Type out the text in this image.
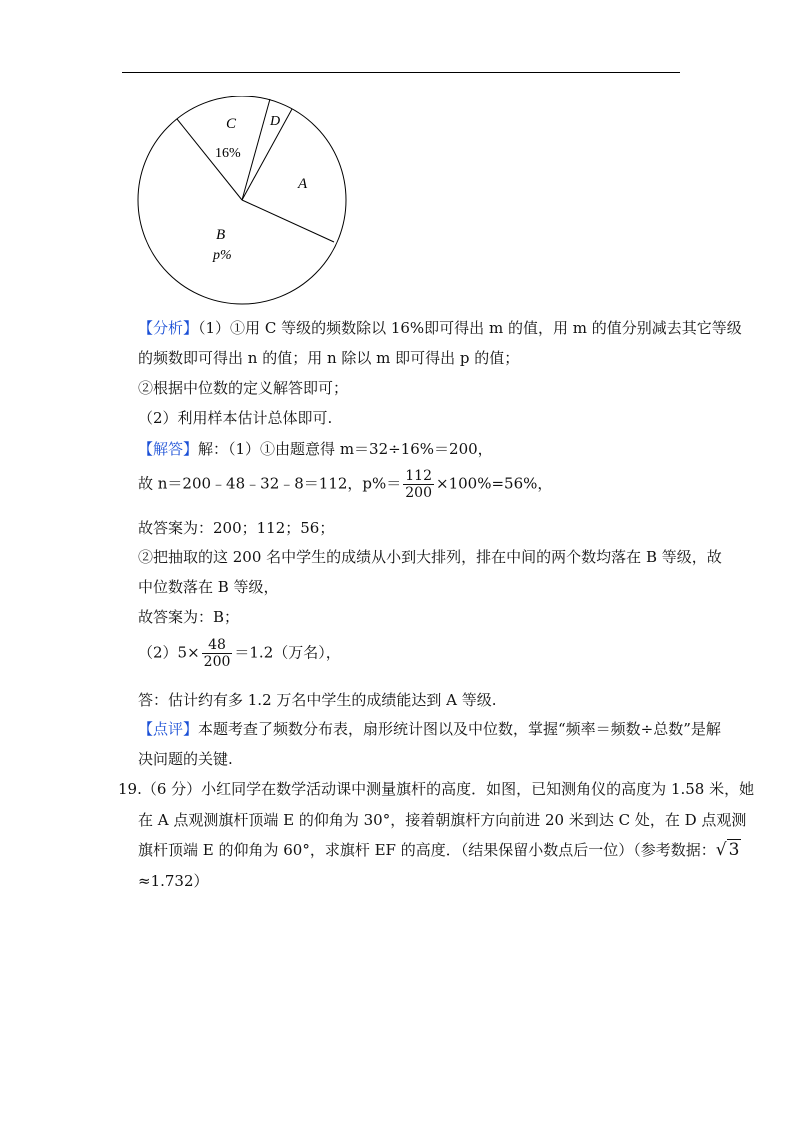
C
16%
D
A
B
p%
【分析】（1）①用 C 等级的频数除以 16%即可得出 m 的值，用 m 的值分别减去其它等级
的频数即可得出 n 的值；用 n 除以 m 即可得出 p 的值；
②根据中位数的定义解答即可；
（2）利用样本估计总体即可.
【解答】解：（1）①由题意得 m＝32÷16%＝200，
故 n＝200﹣48﹣32﹣8＝112，$p\%= \frac{112}{200} \times 100\%=56\%$，
故答案为：200；112；56；
②把抽取的这 200 名中学生的成绩从小到大排列，排在中间的两个数均落在 B 等级，故
中位数落在 B 等级，
故答案为：B；
$(2)5\times \frac{48}{200} =1.2$（万名），
答：估计约有多 1.2 万名中学生的成绩能达到 A 等级.
【点评】本题考查了频数分布表，扇形统计图以及中位数，掌握“频率＝频数÷总数”是解
决问题的关键.
19.（6 分）小红同学在数学活动课中测量旗杆的高度．如图，已知测角仪的高度为 1.58 米，她
在 A 点观测旗杆顶端 E 的仰角为 30°，接着朝旗杆方向前进 20 米到达 C 处，在 D 点观测
旗杆顶端 E 的仰角为 60°，求旗杆 EF 的高度．（结果保留小数点后一位）（参考数据：√ 3
≈1.732）
